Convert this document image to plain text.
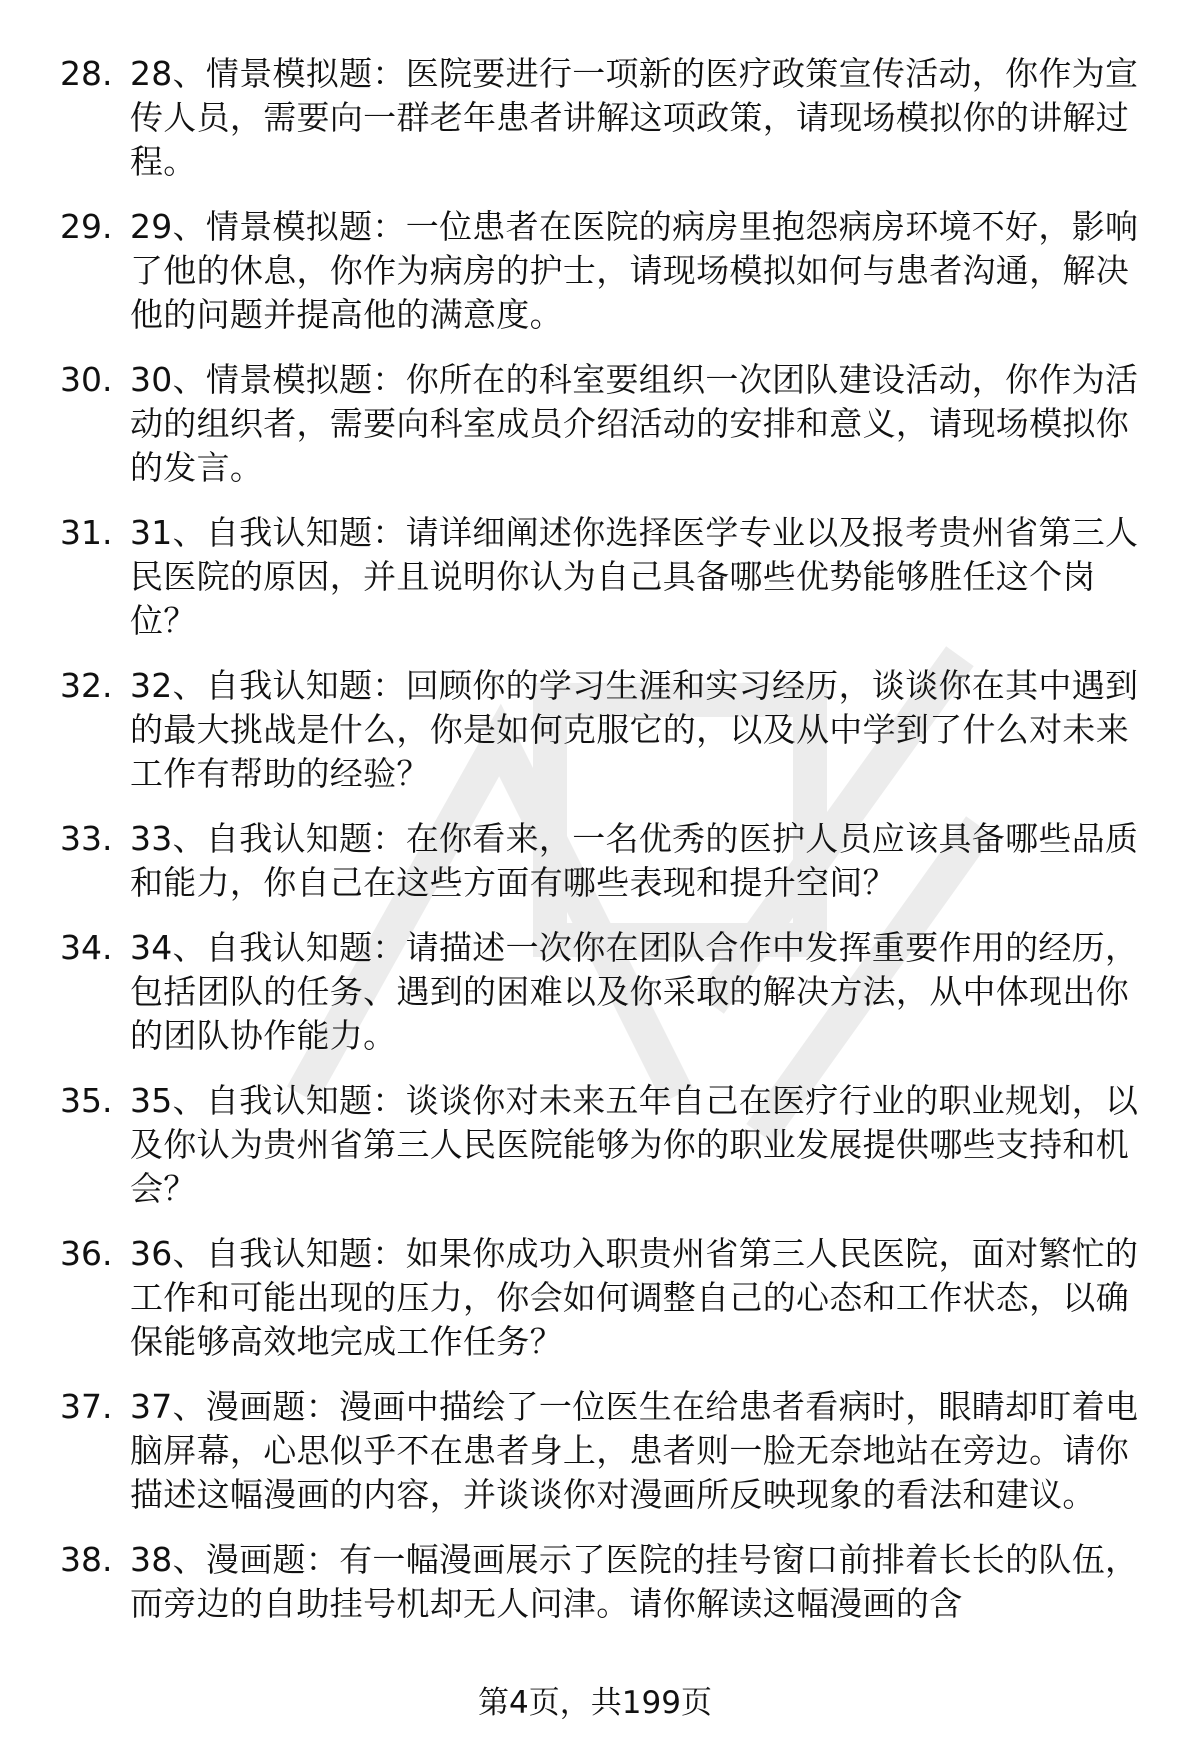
28. 28、情景模拟题：医院要进行一项新的医疗政策宣传活动，你作为宣传人员，需要向一群老年患者讲解这项政策，请现场模拟你的讲解过程。

29. 29、情景模拟题：一位患者在医院的病房里抱怨病房环境不好，影响了他的休息，你作为病房的护士，请现场模拟如何与患者沟通，解决他的问题并提高他的满意度。

30. 30、情景模拟题：你所在的科室要组织一次团队建设活动，你作为活动的组织者，需要向科室成员介绍活动的安排和意义，请现场模拟你的发言。

31. 31、自我认知题：请详细阐述你选择医学专业以及报考贵州省第三人民医院的原因，并且说明你认为自己具备哪些优势能够胜任这个岗位？

32. 32、自我认知题：回顾你的学习生涯和实习经历，谈谈你在其中遇到的最大挑战是什么，你是如何克服它的，以及从中学到了什么对未来工作有帮助的经验？

33. 33、自我认知题：在你看来，一名优秀的医护人员应该具备哪些品质和能力，你自己在这些方面有哪些表现和提升空间？

34. 34、自我认知题：请描述一次你在团队合作中发挥重要作用的经历，包括团队的任务、遇到的困难以及你采取的解决方法，从中体现出你的团队协作能力。

35. 35、自我认知题：谈谈你对未来五年自己在医疗行业的职业规划，以及你认为贵州省第三人民医院能够为你的职业发展提供哪些支持和机会？

36. 36、自我认知题：如果你成功入职贵州省第三人民医院，面对繁忙的工作和可能出现的压力，你会如何调整自己的心态和工作状态，以确保能够高效地完成工作任务？

37. 37、漫画题：漫画中描绘了一位医生在给患者看病时，眼睛却盯着电脑屏幕，心思似乎不在患者身上，患者则一脸无奈地站在旁边。请你描述这幅漫画的内容，并谈谈你对漫画所反映现象的看法和建议。

38. 38、漫画题：有一幅漫画展示了医院的挂号窗口前排着长长的队伍，而旁边的自助挂号机却无人问津。请你解读这幅漫画的含

第4页，共199页
